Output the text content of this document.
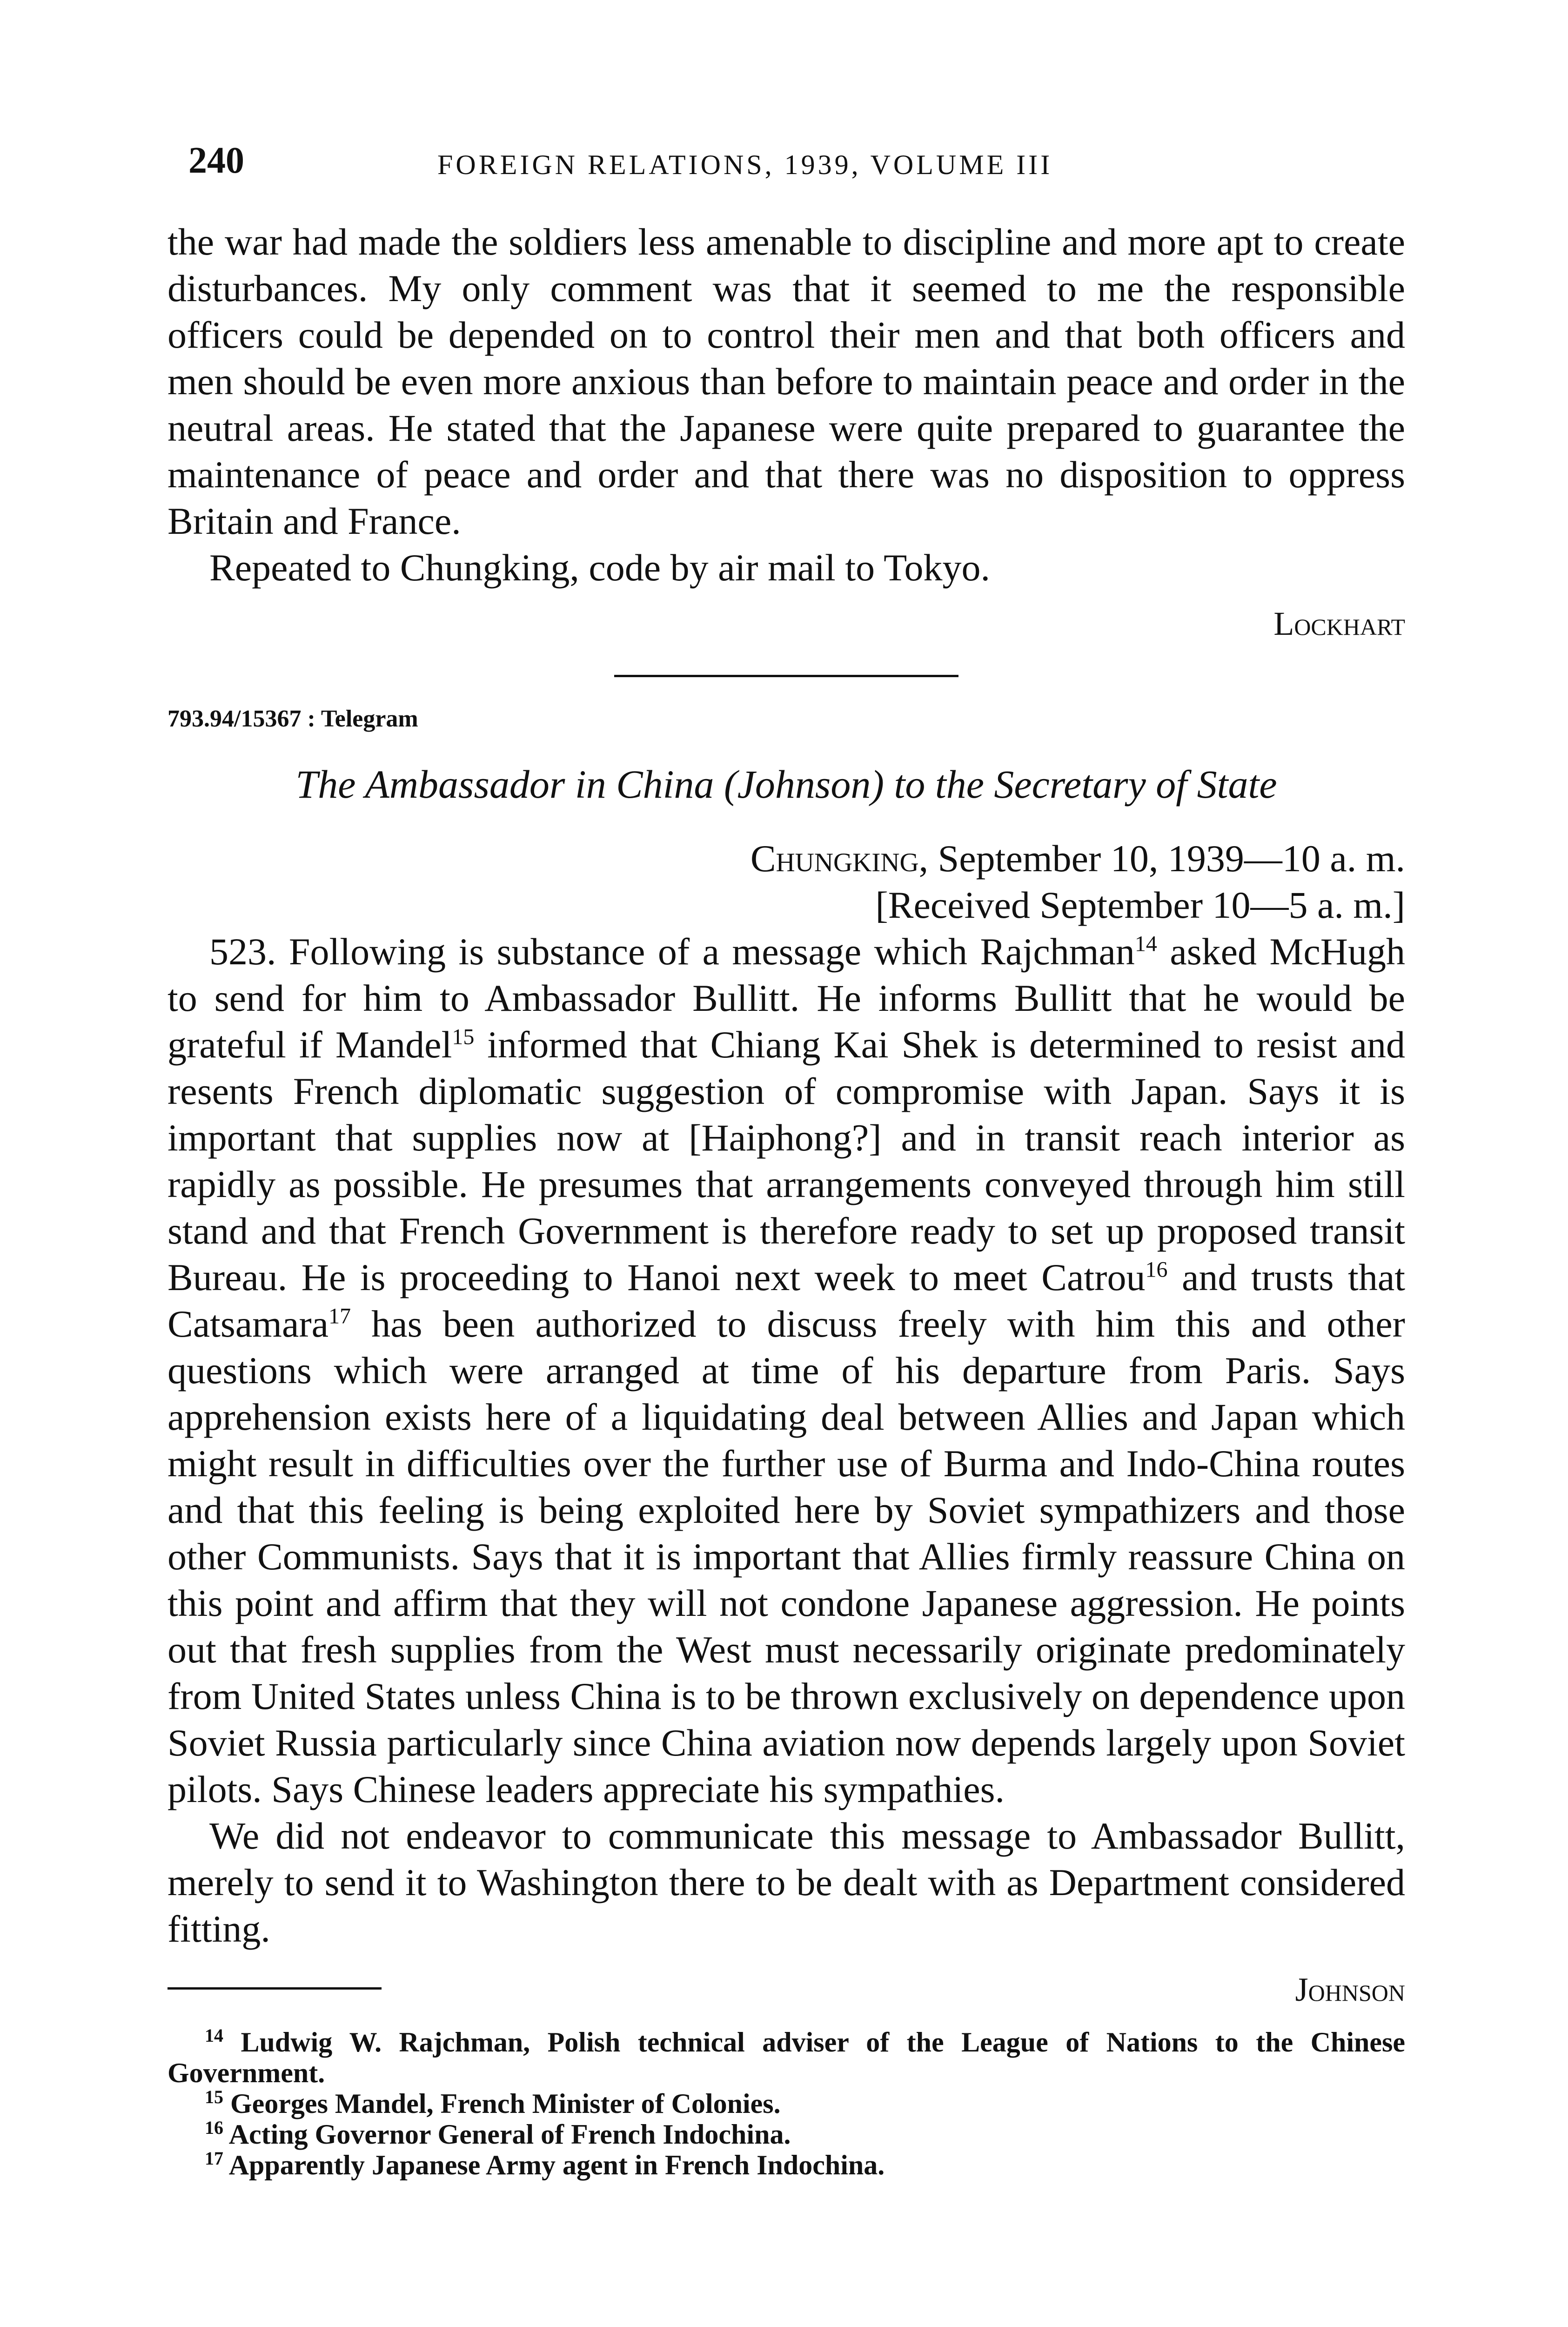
240	FOREIGN RELATIONS, 1939, VOLUME III

the war had made the soldiers less amenable to discipline and more apt to create disturbances. My only comment was that it seemed to me the responsible officers could be depended on to control their men and that both officers and men should be even more anxious than before to maintain peace and order in the neutral areas. He stated that the Japanese were quite prepared to guarantee the maintenance of peace and order and that there was no disposition to oppress Britain and France.

Repeated to Chungking, code by air mail to Tokyo.

Lockhart
793.94/15367 : Telegram
The Ambassador in China (Johnson) to the Secretary of State
Chungking, September 10, 1939—10 a. m.
[Received September 10—5 a. m.]

523. Following is substance of a message which Rajchman$^{14}$ asked McHugh to send for him to Ambassador Bullitt. He informs Bullitt that he would be grateful if Mandel$^{15}$ informed that Chiang Kai Shek is determined to resist and resents French diplomatic suggestion of compromise with Japan. Says it is important that supplies now at [Haiphong?] and in transit reach interior as rapidly as possible. He presumes that arrangements conveyed through him still stand and that French Government is therefore ready to set up proposed transit Bureau. He is proceeding to Hanoi next week to meet Catrou$^{16}$ and trusts that Catsamara$^{17}$ has been authorized to discuss freely with him this and other questions which were arranged at time of his departure from Paris. Says apprehension exists here of a liquidating deal between Allies and Japan which might result in difficulties over the further use of Burma and Indo-China routes and that this feeling is being exploited here by Soviet sympathizers and those other Communists. Says that it is important that Allies firmly reassure China on this point and affirm that they will not condone Japanese aggression. He points out that fresh supplies from the West must necessarily originate predominately from United States unless China is to be thrown exclusively on dependence upon Soviet Russia particularly since China aviation now depends largely upon Soviet pilots. Says Chinese leaders appreciate his sympathies.

We did not endeavor to communicate this message to Ambassador Bullitt, merely to send it to Washington there to be dealt with as Department considered fitting.

Johnson
$^{14}$ Ludwig W. Rajchman, Polish technical adviser of the League of Nations to the Chinese Government.
$^{15}$ Georges Mandel, French Minister of Colonies.
$^{16}$ Acting Governor General of French Indochina.
$^{17}$ Apparently Japanese Army agent in French Indochina.
